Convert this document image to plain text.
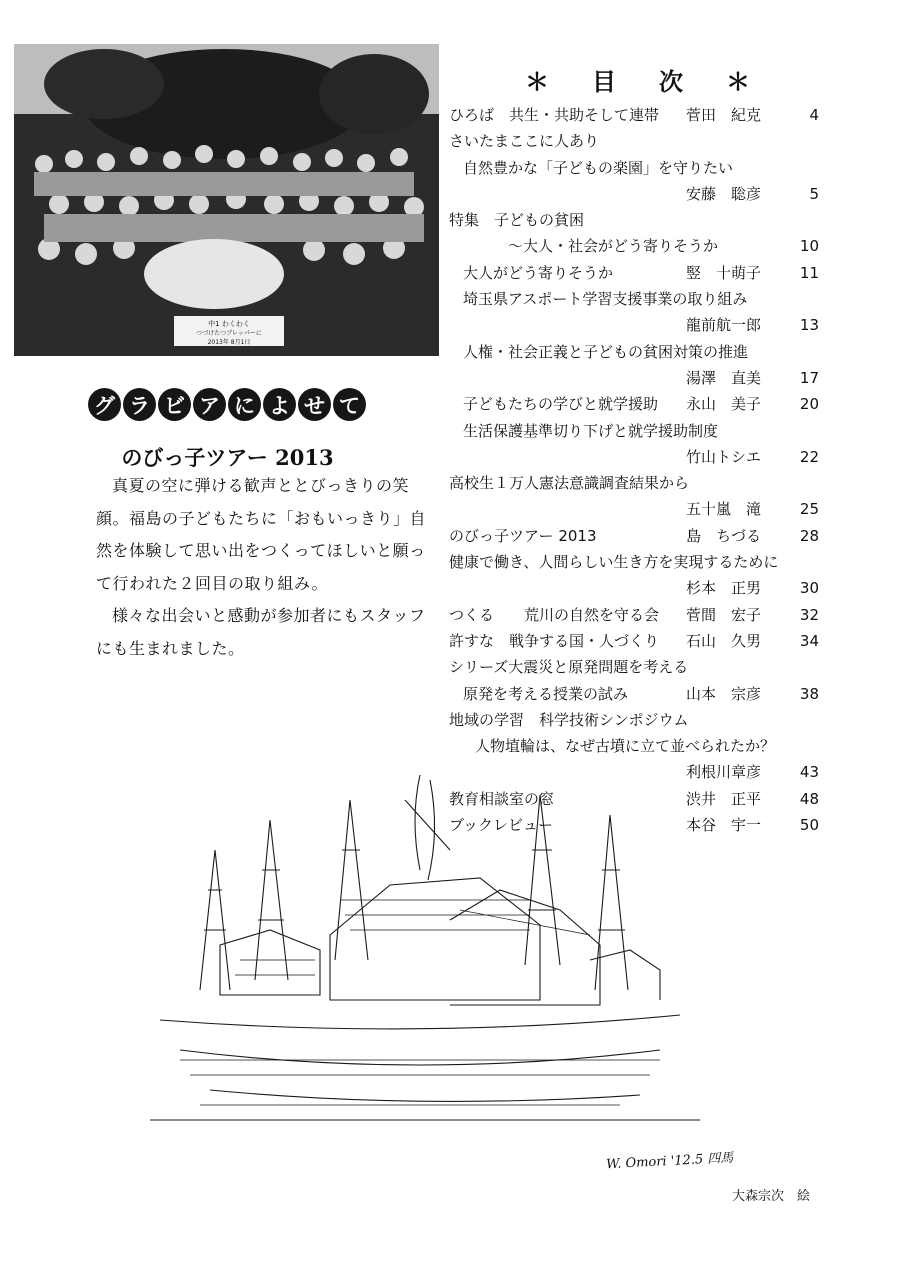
中1 わくわく
つづけたつブレッパーに
2013年 8月1日
グ ラ ビ ア に よ せ て
のびっ子ツアー 2013

真夏の空に弾ける歓声ととびっきりの笑顔。福島の子どもたちに「おもいっきり」自然を体験して思い出をつくってほしいと願って行われた２回目の取り組み。

様々な出会いと感動が参加者にもスタッフにも生まれました。

＊ 目 次 ＊
ひろば　共生・共助そして連帯 菅田　紀克	4
さいたまここに人あり
自然豊かな「子どもの楽園」を守りたい
安藤　聡彦	5
特集　子どもの貧困
　　　～大人・社会がどう寄りそうか	10
大人がどう寄りそうか	竪　十萌子	11
埼玉県アスポート学習支援事業の取り組み
龍前航一郎	13
人権・社会正義と子どもの貧困対策の推進
湯澤　直美	17
子どもたちの学びと就学援助 永山　美子	20
生活保護基準切り下げと就学援助制度
竹山トシエ	22
高校生１万人憲法意識調査結果から
五十嵐　滝	25
のびっ子ツアー 2013	島　ちづる	28
健康で働き、人間らしい生き方を実現するために
杉本　正男	30
つくる　　荒川の自然を守る会 菅間　宏子	32
許すな　戦争する国・人づくり 石山　久男	34
シリーズ大震災と原発問題を考える
原発を考える授業の試み	山本　宗彦	38
地域の学習　科学技術シンポジウム
人物埴輪は、なぜ古墳に立て並べられたか？
利根川章彦	43
教育相談室の窓	渋井　正平	48
ブックレビュー	本谷　宇一	50
W. Omori '12.5 四馬
大森宗次　絵
